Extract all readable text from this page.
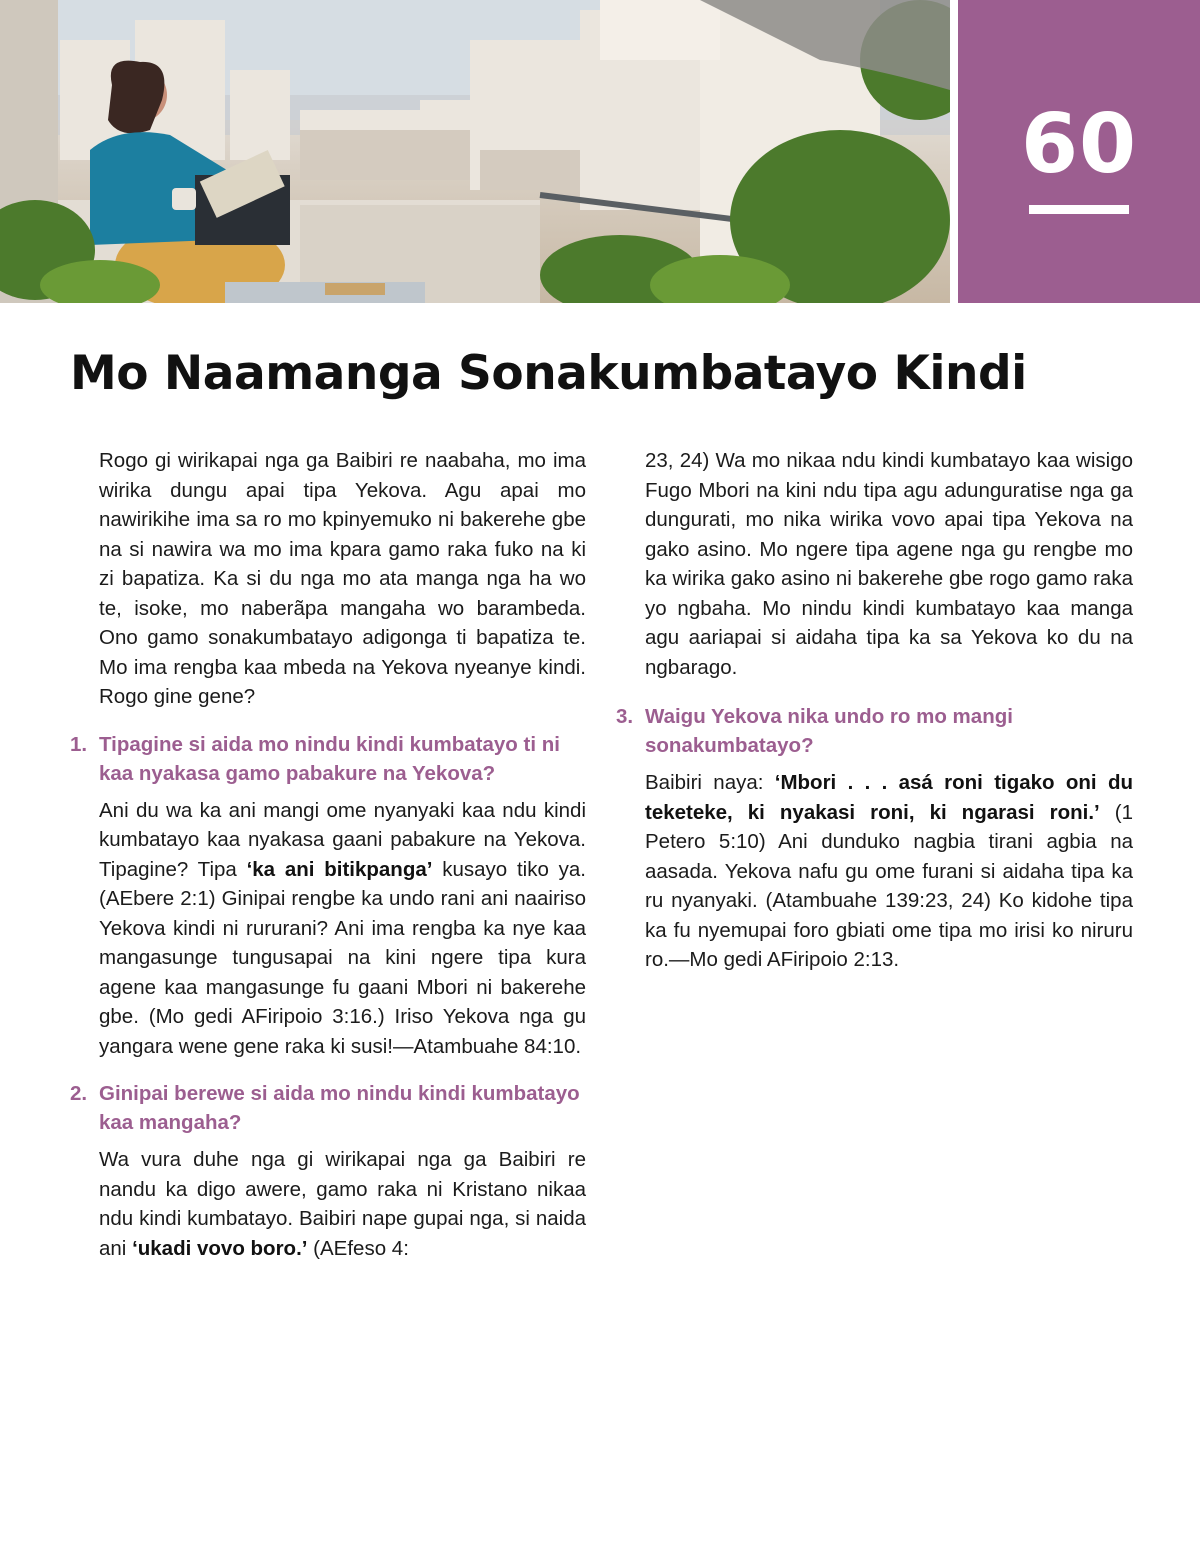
60
Mo Naamanga Sonakumbatayo Kindi

Rogo gi wirikapai nga ga Baibiri re naabaha, mo ima wirika dungu apai tipa Yekova. Agu apai mo nawirikihe ima sa ro mo kpinyemuko ni bakerehe gbe na si nawira wa mo ima kpara gamo raka fuko na ki zi bapatiza. Ka si du nga mo ata manga nga ha wo te, isoke, mo naberãpa mangaha wo barambeda. Ono gamo sonakumbatayo adigonga ti bapatiza te. Mo ima rengba kaa mbeda na Yekova nyeanye kindi. Rogo gine gene?

1. Tipagine si aida mo nindu kindi kumbatayo ti ni kaa nyakasa gamo pabakure na Yekova?

Ani du wa ka ani mangi ome nyanyaki kaa ndu kindi kumbatayo kaa nyakasa gaani pabakure na Yekova. Tipagine? Tipa ‘ka ani bitikpanga’ kusayo tiko ya. (AEbere 2:1) Ginipai rengbe ka undo rani ani naairiso Yekova kindi ni rururani? Ani ima rengba ka nye kaa mangasunge tungusapai na kini ngere tipa kura agene kaa mangasunge fu gaani Mbori ni bakerehe gbe. (Mo gedi AFiripoio 3:16.) Iriso Yekova nga gu yangara wene gene raka ki susi!—Atambuahe 84:10.

2. Ginipai berewe si aida mo nindu kindi kumbatayo kaa mangaha?

Wa vura duhe nga gi wirikapai nga ga Baibiri re nandu ka digo awere, gamo raka ni Kristano nikaa ndu kindi kumbatayo. Baibiri nape gupai nga, si naida ani ‘ukadi vovo boro.’ (AEfeso 4:

23, 24) Wa mo nikaa ndu kindi kumbatayo kaa wisigo Fugo Mbori na kini ndu tipa agu adunguratise nga ga dungurati, mo nika wirika vovo apai tipa Yekova na gako asino. Mo ngere tipa agene nga gu rengbe mo ka wirika gako asino ni bakerehe gbe rogo gamo raka yo ngbaha. Mo nindu kindi kumbatayo kaa manga agu aariapai si aidaha tipa ka sa Yekova ko du na ngbarago.

3. Waigu Yekova nika undo ro mo mangi sonakumbatayo?

Baibiri naya: ‘Mbori . . . asá roni tigako oni du teketeke, ki nyakasi roni, ki ngarasi roni.’ (1 Petero 5:10) Ani dunduko nagbia tirani agbia na aasada. Yekova nafu gu ome furani si aidaha tipa ka ru nyanyaki. (Atambuahe 139:23, 24) Ko kidohe tipa ka fu nyemupai foro gbiati ome tipa mo irisi ko niruru ro.—Mo gedi AFiripoio 2:13.
